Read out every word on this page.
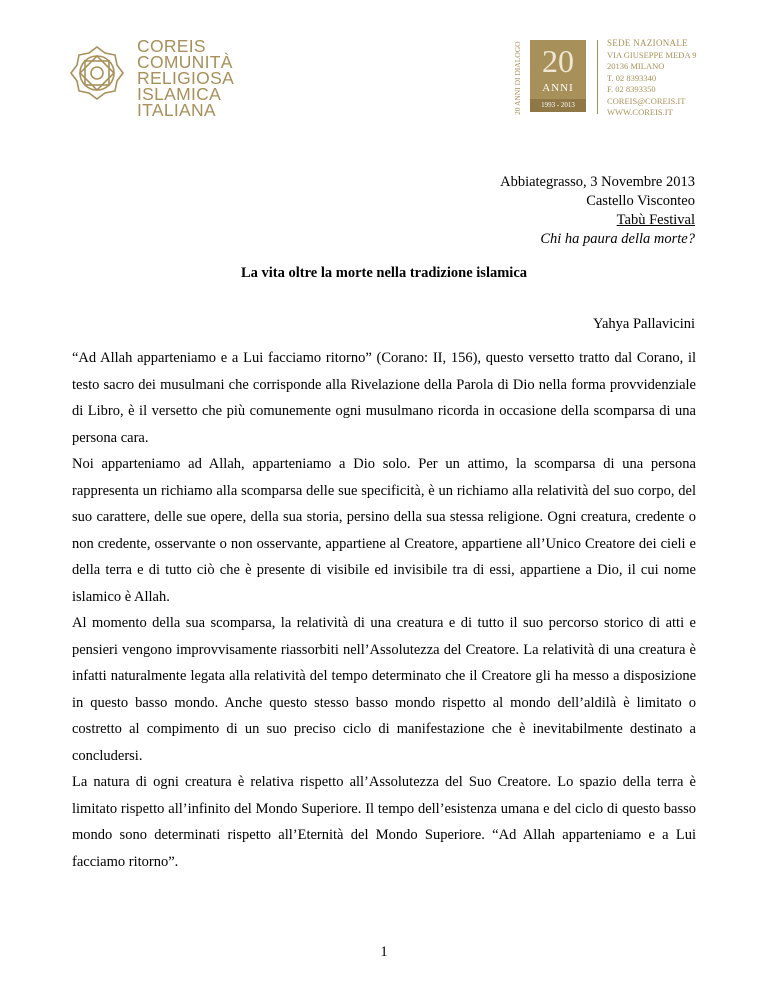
COREIS
COMUNITÀ
RELIGIOSA
ISLAMICA
ITALIANA	20 ANNI DI DIALOGO 20
ANNI
1993 - 2013
SEDE NAZIONALE
VIA GIUSEPPE MEDA 9
20136 MILANO
T. 02 8393340
F. 02 8393350
COREIS@COREIS.IT
WWW.COREIS.IT
Abbiategrasso, 3 Novembre 2013
Castello Visconteo
Tabù Festival
Chi ha paura della morte?
La vita oltre la morte nella tradizione islamica
Yahya Pallavicini

“Ad Allah apparteniamo e a Lui facciamo ritorno” (Corano: II, 156), questo versetto tratto dal Corano, il testo sacro dei musulmani che corrisponde alla Rivelazione della Parola di Dio nella forma provvidenziale di Libro, è il versetto che più comunemente ogni musulmano ricorda in occasione della scomparsa di una persona cara.

Noi apparteniamo ad Allah, apparteniamo a Dio solo. Per un attimo, la scomparsa di una persona rappresenta un richiamo alla scomparsa delle sue specificità, è un richiamo alla relatività del suo corpo, del suo carattere, delle sue opere, della sua storia, persino della sua stessa religione. Ogni creatura, credente o non credente, osservante o non osservante, appartiene al Creatore, appartiene all’Unico Creatore dei cieli e della terra e di tutto ciò che è presente di visibile ed invisibile tra di essi, appartiene a Dio, il cui nome islamico è Allah.

Al momento della sua scomparsa, la relatività di una creatura e di tutto il suo percorso storico di atti e pensieri vengono improvvisamente riassorbiti nell’Assolutezza del Creatore. La relatività di una creatura è infatti naturalmente legata alla relatività del tempo determinato che il Creatore gli ha messo a disposizione in questo basso mondo. Anche questo stesso basso mondo rispetto al mondo dell’aldilà è limitato o costretto al compimento di un suo preciso ciclo di manifestazione che è inevitabilmente destinato a concludersi.

La natura di ogni creatura è relativa rispetto all’Assolutezza del Suo Creatore. Lo spazio della terra è limitato rispetto all’infinito del Mondo Superiore. Il tempo dell’esistenza umana e del ciclo di questo basso mondo sono determinati rispetto all’Eternità del Mondo Superiore. “Ad Allah apparteniamo e a Lui facciamo ritorno”.

1
